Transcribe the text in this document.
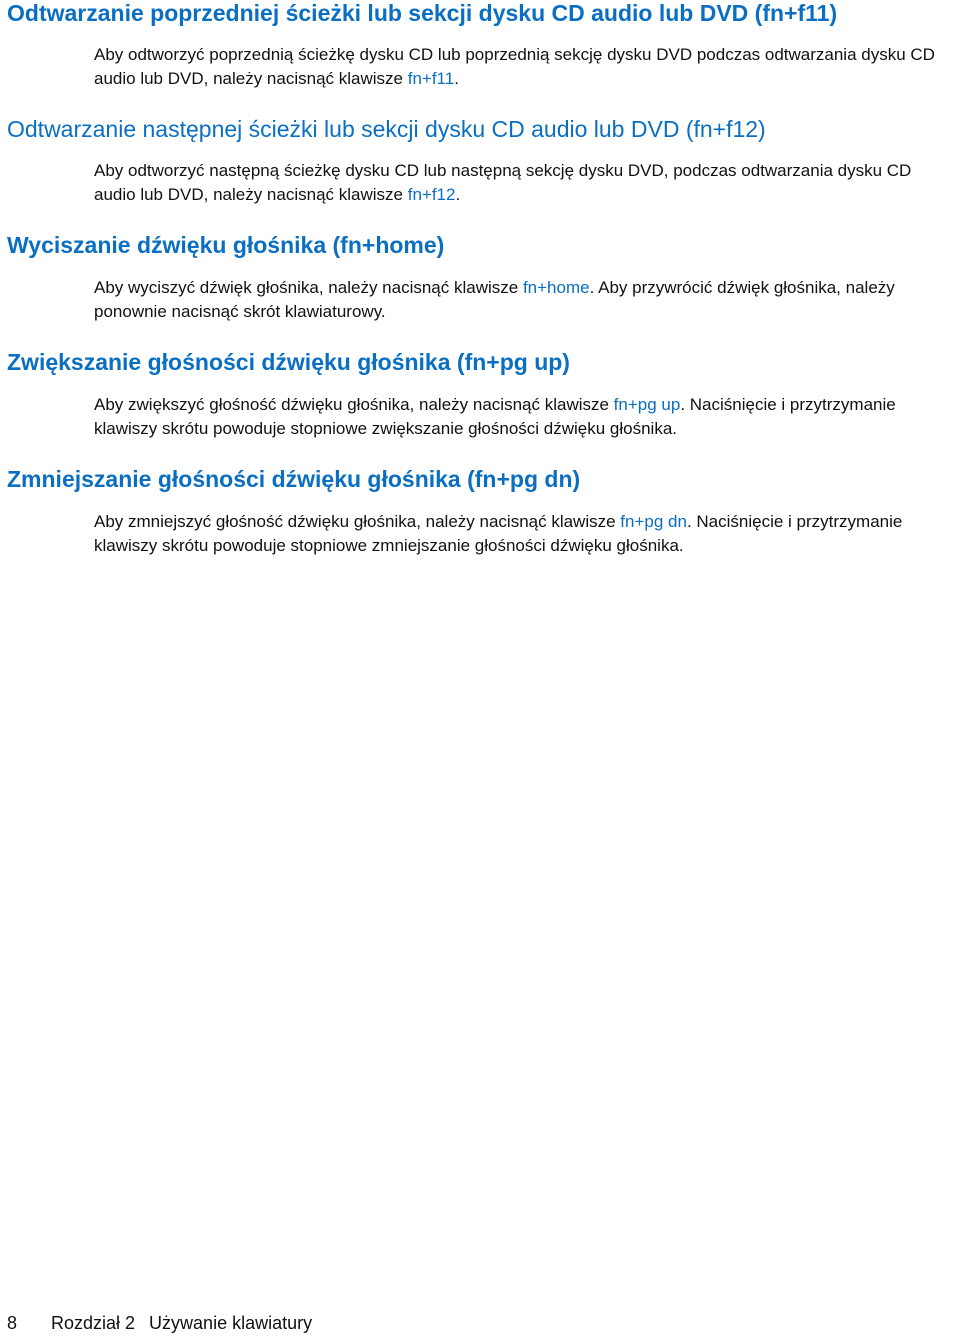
Odtwarzanie poprzedniej ścieżki lub sekcji dysku CD audio lub DVD (fn+f11)

Aby odtworzyć poprzednią ścieżkę dysku CD lub poprzednią sekcję dysku DVD podczas odtwarzania dysku CD audio lub DVD, należy nacisnąć klawisze fn+f11.

Odtwarzanie następnej ścieżki lub sekcji dysku CD audio lub DVD (fn+f12)

Aby odtworzyć następną ścieżkę dysku CD lub następną sekcję dysku DVD, podczas odtwarzania dysku CD audio lub DVD, należy nacisnąć klawisze fn+f12.

Wyciszanie dźwięku głośnika (fn+home)

Aby wyciszyć dźwięk głośnika, należy nacisnąć klawisze fn+home. Aby przywrócić dźwięk głośnika, należy ponownie nacisnąć skrót klawiaturowy.

Zwiększanie głośności dźwięku głośnika (fn+pg up)

Aby zwiększyć głośność dźwięku głośnika, należy nacisnąć klawisze fn+pg up. Naciśnięcie i przytrzymanie klawiszy skrótu powoduje stopniowe zwiększanie głośności dźwięku głośnika.

Zmniejszanie głośności dźwięku głośnika (fn+pg dn)

Aby zmniejszyć głośność dźwięku głośnika, należy nacisnąć klawisze fn+pg dn. Naciśnięcie i przytrzymanie klawiszy skrótu powoduje stopniowe zmniejszanie głośności dźwięku głośnika.

8 Rozdział 2 Używanie klawiatury
